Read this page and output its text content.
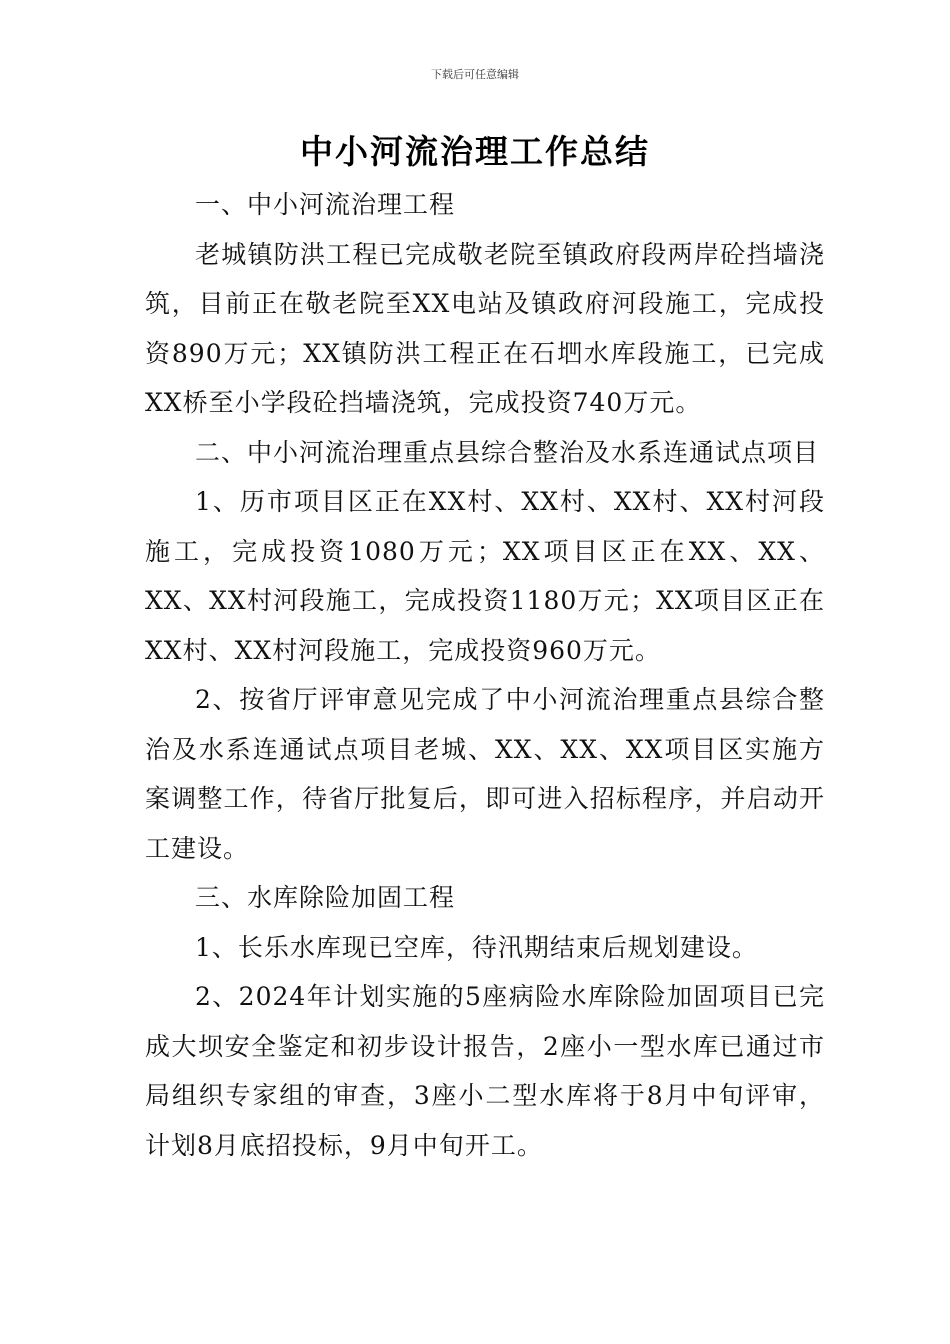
下载后可任意编辑
中小河流治理工作总结

一、中小河流治理工程

老城镇防洪工程已完成敬老院至镇政府段两岸砼挡墙浇筑，目前正在敬老院至XX电站及镇政府河段施工，完成投资890万元；XX镇防洪工程正在石垇水库段施工，已完成XX桥至小学段砼挡墙浇筑，完成投资740万元。

二、中小河流治理重点县综合整治及水系连通试点项目

1、历市项目区正在XX村、XX村、XX村、XX村河段施工，完成投资1080万元；XX项目区正在XX、XX、XX、XX村河段施工，完成投资1180万元；XX项目区正在XX村、XX村河段施工，完成投资960万元。

2、按省厅评审意见完成了中小河流治理重点县综合整治及水系连通试点项目老城、XX、XX、XX项目区实施方案调整工作，待省厅批复后，即可进入招标程序，并启动开工建设。

三、水库除险加固工程

1、长乐水库现已空库，待汛期结束后规划建设。

2、2024年计划实施的5座病险水库除险加固项目已完成大坝安全鉴定和初步设计报告，2座小一型水库已通过市局组织专家组的审查，3座小二型水库将于8月中旬评审，计划8月底招投标，9月中旬开工。
